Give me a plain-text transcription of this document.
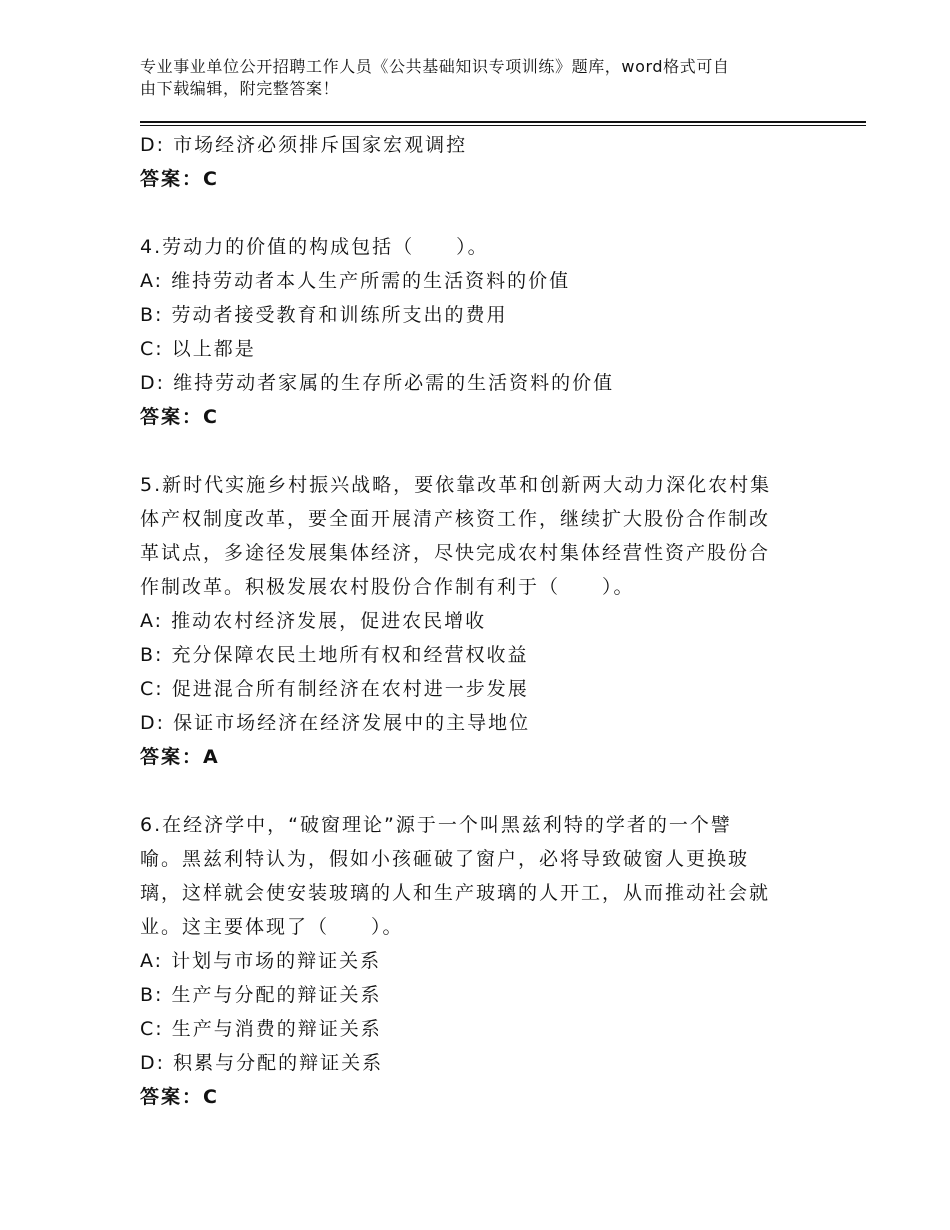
专业事业单位公开招聘工作人员《公共基础知识专项训练》题库，word格式可自
由下载编辑，附完整答案！
D: 市场经济必须排斥国家宏观调控
答案：C
4.劳动力的价值的构成包括（　　）。
A: 维持劳动者本人生产所需的生活资料的价值
B: 劳动者接受教育和训练所支出的费用
C: 以上都是
D: 维持劳动者家属的生存所必需的生活资料的价值
答案：C
5.新时代实施乡村振兴战略，要依靠改革和创新两大动力深化农村集
体产权制度改革，要全面开展清产核资工作，继续扩大股份合作制改
革试点，多途径发展集体经济，尽快完成农村集体经营性资产股份合
作制改革。积极发展农村股份合作制有利于（　　）。
A: 推动农村经济发展，促进农民增收
B: 充分保障农民土地所有权和经营权收益
C: 促进混合所有制经济在农村进一步发展
D: 保证市场经济在经济发展中的主导地位
答案：A
6.在经济学中，“破窗理论”源于一个叫黑兹利特的学者的一个譬
喻。黑兹利特认为，假如小孩砸破了窗户，必将导致破窗人更换玻
璃，这样就会使安装玻璃的人和生产玻璃的人开工，从而推动社会就
业。这主要体现了（　　）。
A: 计划与市场的辩证关系
B: 生产与分配的辩证关系
C: 生产与消费的辩证关系
D: 积累与分配的辩证关系
答案：C
